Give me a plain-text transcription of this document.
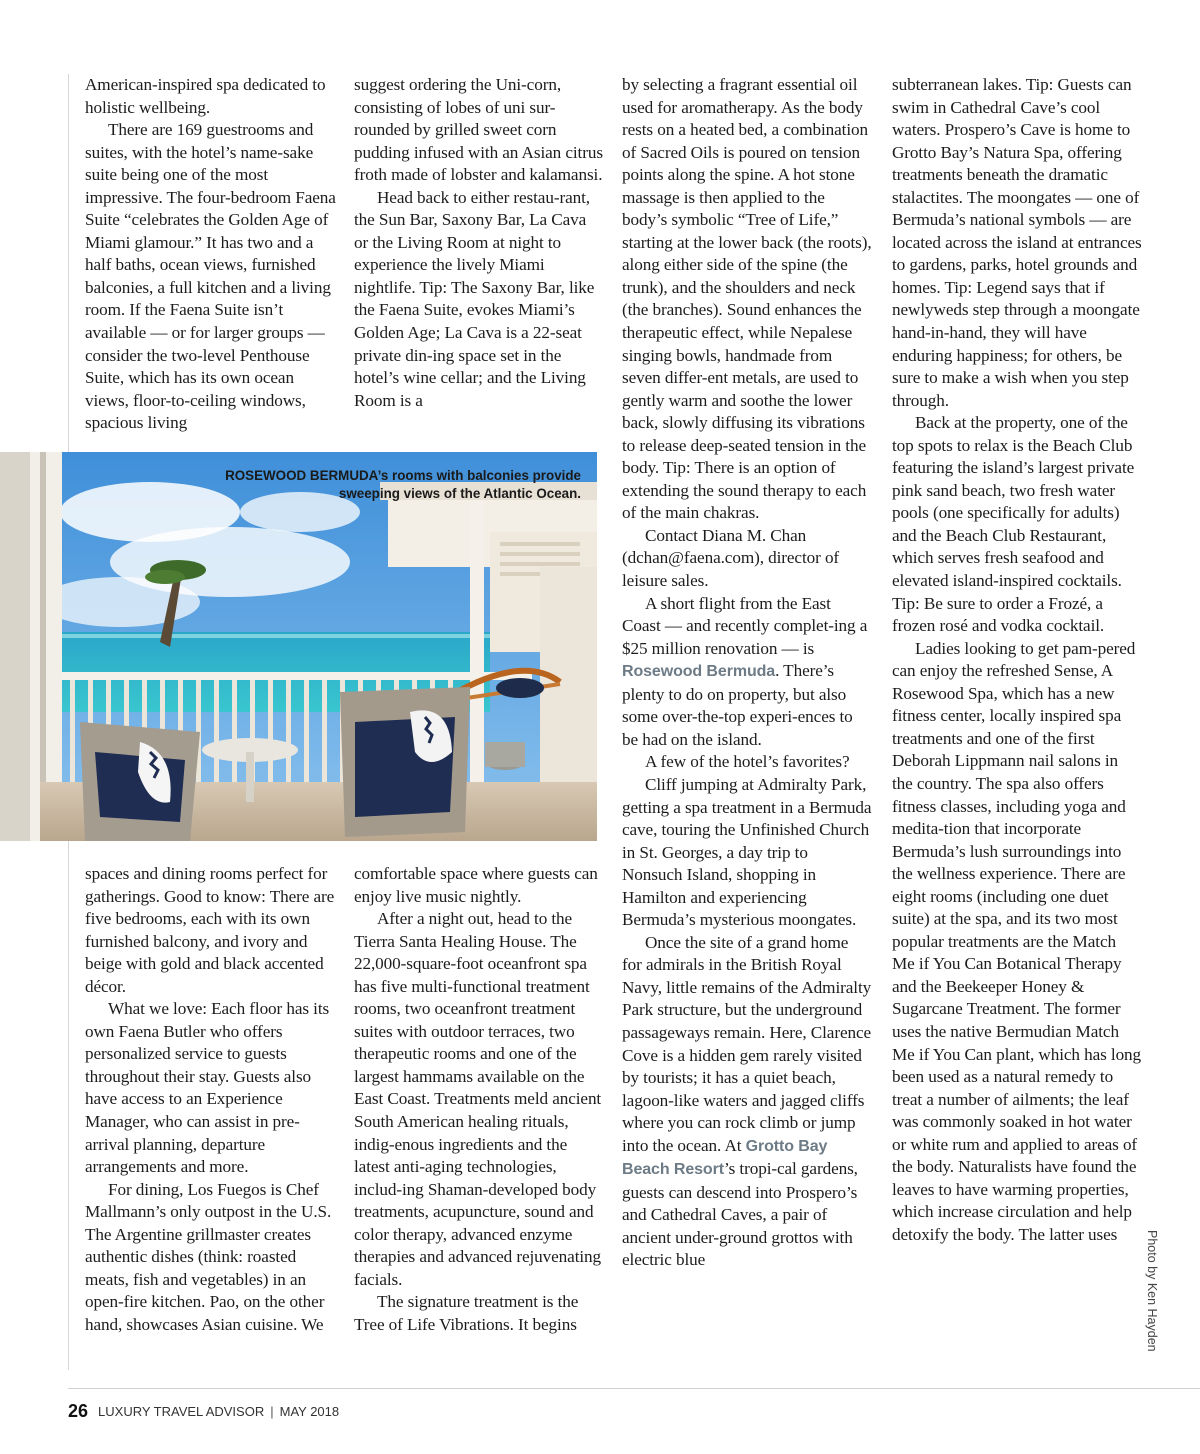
American-inspired spa dedicated to holistic wellbeing.

There are 169 guestrooms and suites, with the hotel’s name-sake suite being one of the most impressive. The four-bedroom Faena Suite “celebrates the Golden Age of Miami glamour.” It has two and a half baths, ocean views, furnished balconies, a full kitchen and a living room. If the Faena Suite isn’t available — or for larger groups — consider the two-level Penthouse Suite, which has its own ocean views, floor-to-ceiling windows, spacious living

suggest ordering the Uni-corn, consisting of lobes of uni sur-rounded by grilled sweet corn pudding infused with an Asian citrus froth made of lobster and kalamansi.

Head back to either restau-rant, the Sun Bar, Saxony Bar, La Cava or the Living Room at night to experience the lively Miami nightlife. Tip: The Saxony Bar, like the Faena Suite, evokes Miami’s Golden Age; La Cava is a 22-seat private din-ing space set in the hotel’s wine cellar; and the Living Room is a

by selecting a fragrant essential oil used for aromatherapy. As the body rests on a heated bed, a combination of Sacred Oils is poured on tension points along the spine. A hot stone massage is then applied to the body’s symbolic “Tree of Life,” starting at the lower back (the roots), along either side of the spine (the trunk), and the shoulders and neck (the branches). Sound enhances the therapeutic effect, while Nepalese singing bowls, handmade from seven differ-ent metals, are used to gently warm and soothe the lower back, slowly diffusing its vibrations to release deep-seated tension in the body. Tip: There is an option of extending the sound therapy to each of the main chakras.

Contact Diana M. Chan (dchan@faena.com), director of leisure sales.

A short flight from the East Coast — and recently complet-ing a $25 million renovation — is Rosewood Bermuda. There’s plenty to do on property, but also some over-the-top experi-ences to be had on the island.

A few of the hotel’s favorites?

Cliff jumping at Admiralty Park, getting a spa treatment in a Bermuda cave, touring the Unfinished Church in St. Georges, a day trip to Nonsuch Island, shopping in Hamilton and experiencing Bermuda’s mysterious moongates.

Once the site of a grand home for admirals in the British Royal Navy, little remains of the Admiralty Park structure, but the underground passageways remain. Here, Clarence Cove is a hidden gem rarely visited by tourists; it has a quiet beach, lagoon-like waters and jagged cliffs where you can rock climb or jump into the ocean. At Grotto Bay Beach Resort’s tropi-cal gardens, guests can descend into Prospero’s and Cathedral Caves, a pair of ancient under-ground grottos with electric blue

subterranean lakes. Tip: Guests can swim in Cathedral Cave’s cool waters. Prospero’s Cave is home to Grotto Bay’s Natura Spa, offering treatments beneath the dramatic stalactites. The moongates — one of Bermuda’s national symbols — are located across the island at entrances to gardens, parks, hotel grounds and homes. Tip: Legend says that if newlyweds step through a moongate hand-in-hand, they will have enduring happiness; for others, be sure to make a wish when you step through.

Back at the property, one of the top spots to relax is the Beach Club featuring the island’s largest private pink sand beach, two fresh water pools (one specifically for adults) and the Beach Club Restaurant, which serves fresh seafood and elevated island-inspired cocktails. Tip: Be sure to order a Frozé, a frozen rosé and vodka cocktail.

Ladies looking to get pam-pered can enjoy the refreshed Sense, A Rosewood Spa, which has a new fitness center, locally inspired spa treatments and one of the first Deborah Lippmann nail salons in the country. The spa also offers fitness classes, including yoga and medita-tion that incorporate Bermuda’s lush surroundings into the wellness experience. There are eight rooms (including one duet suite) at the spa, and its two most popular treatments are the Match Me if You Can Botanical Therapy and the Beekeeper Honey & Sugarcane Treatment. The former uses the native Bermudian Match Me if You Can plant, which has long been used as a natural remedy to treat a number of ailments; the leaf was commonly soaked in hot water or white rum and applied to areas of the body. Naturalists have found the leaves to have warming properties, which increase circulation and help detoxify the body. The latter uses

ROSEWOOD BERMUDA’s rooms with balconies provide sweeping views of the Atlantic Ocean.

spaces and dining rooms perfect for gatherings. Good to know: There are five bedrooms, each with its own furnished balcony, and ivory and beige with gold and black accented décor.

What we love: Each floor has its own Faena Butler who offers personalized service to guests throughout their stay. Guests also have access to an Experience Manager, who can assist in pre-arrival planning, departure arrangements and more.

For dining, Los Fuegos is Chef Mallmann’s only outpost in the U.S. The Argentine grillmaster creates authentic dishes (think: roasted meats, fish and vegetables) in an open-fire kitchen. Pao, on the other hand, showcases Asian cuisine. We

comfortable space where guests can enjoy live music nightly.

After a night out, head to the Tierra Santa Healing House. The 22,000-square-foot oceanfront spa has five multi-functional treatment rooms, two oceanfront treatment suites with outdoor terraces, two therapeutic rooms and one of the largest hammams available on the East Coast. Treatments meld ancient South American healing rituals, indig-enous ingredients and the latest anti-aging technologies, includ-ing Shaman-developed body treatments, acupuncture, sound and color therapy, advanced enzyme therapies and advanced rejuvenating facials.

The signature treatment is the Tree of Life Vibrations. It begins	Photo by Ken Hayden
26 LUXURY TRAVEL ADVISOR | MAY 2018
